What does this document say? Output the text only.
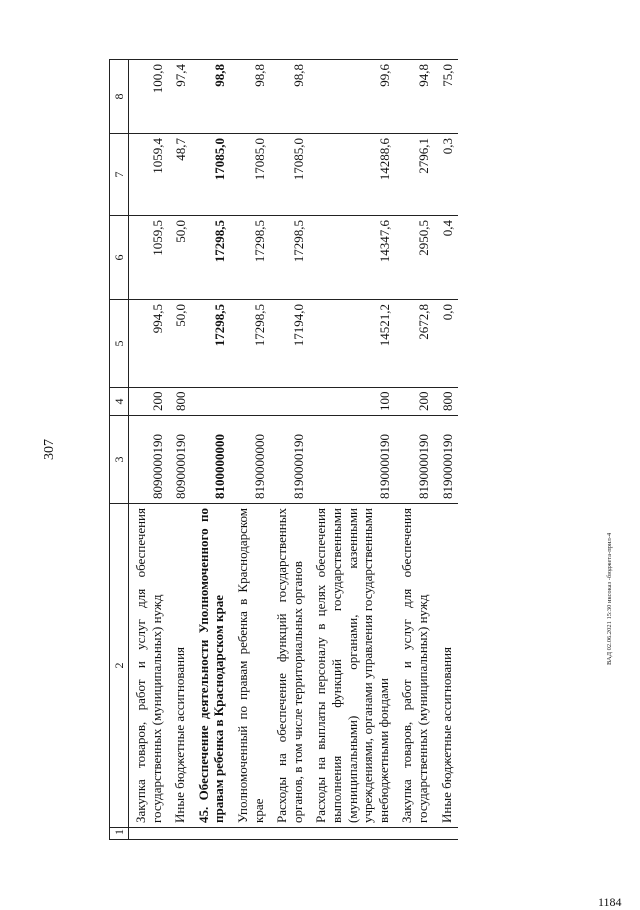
307
1	2	3	4	5	6	7	8
	Закупка товаров, работ и услуг для обеспечения государственных (муниципальных) нужд	8090000190	200	994,5	1059,5	1059,4	100,0
	Иные бюджетные ассигнования	8090000190	800	50,0	50,0	48,7	97,4
	45. Обеспечение деятельности Уполномоченного по правам ребенка в Краснодарском крае	8100000000		17298,5	17298,5	17085,0	98,8
	Уполномоченный по правам ребенка в Краснодарском крае	8190000000		17298,5	17298,5	17085,0	98,8
	Расходы на обеспечение функций государственных органов, в том числе территориальных органов	8190000190		17194,0	17298,5	17085,0	98,8
	Расходы на выплаты персоналу в целях обеспечения выполнения функций государственными (муниципальными) органами, казенными учреждениями, органами управления государственными внебюджетными фондами	8190000190	100	14521,2	14347,6	14288,6	99,6
	Закупка товаров, работ и услуг для обеспечения государственных (муниципальных) нужд	8190000190	200	2672,8	2950,5	2796,1	94,8
	Иные бюджетные ассигнования	8190000190	800	0,0	0,4	0,3	75,0
ВАД 02.06.2021 15:30 иксоказ -бюджета-прил-4
1184
